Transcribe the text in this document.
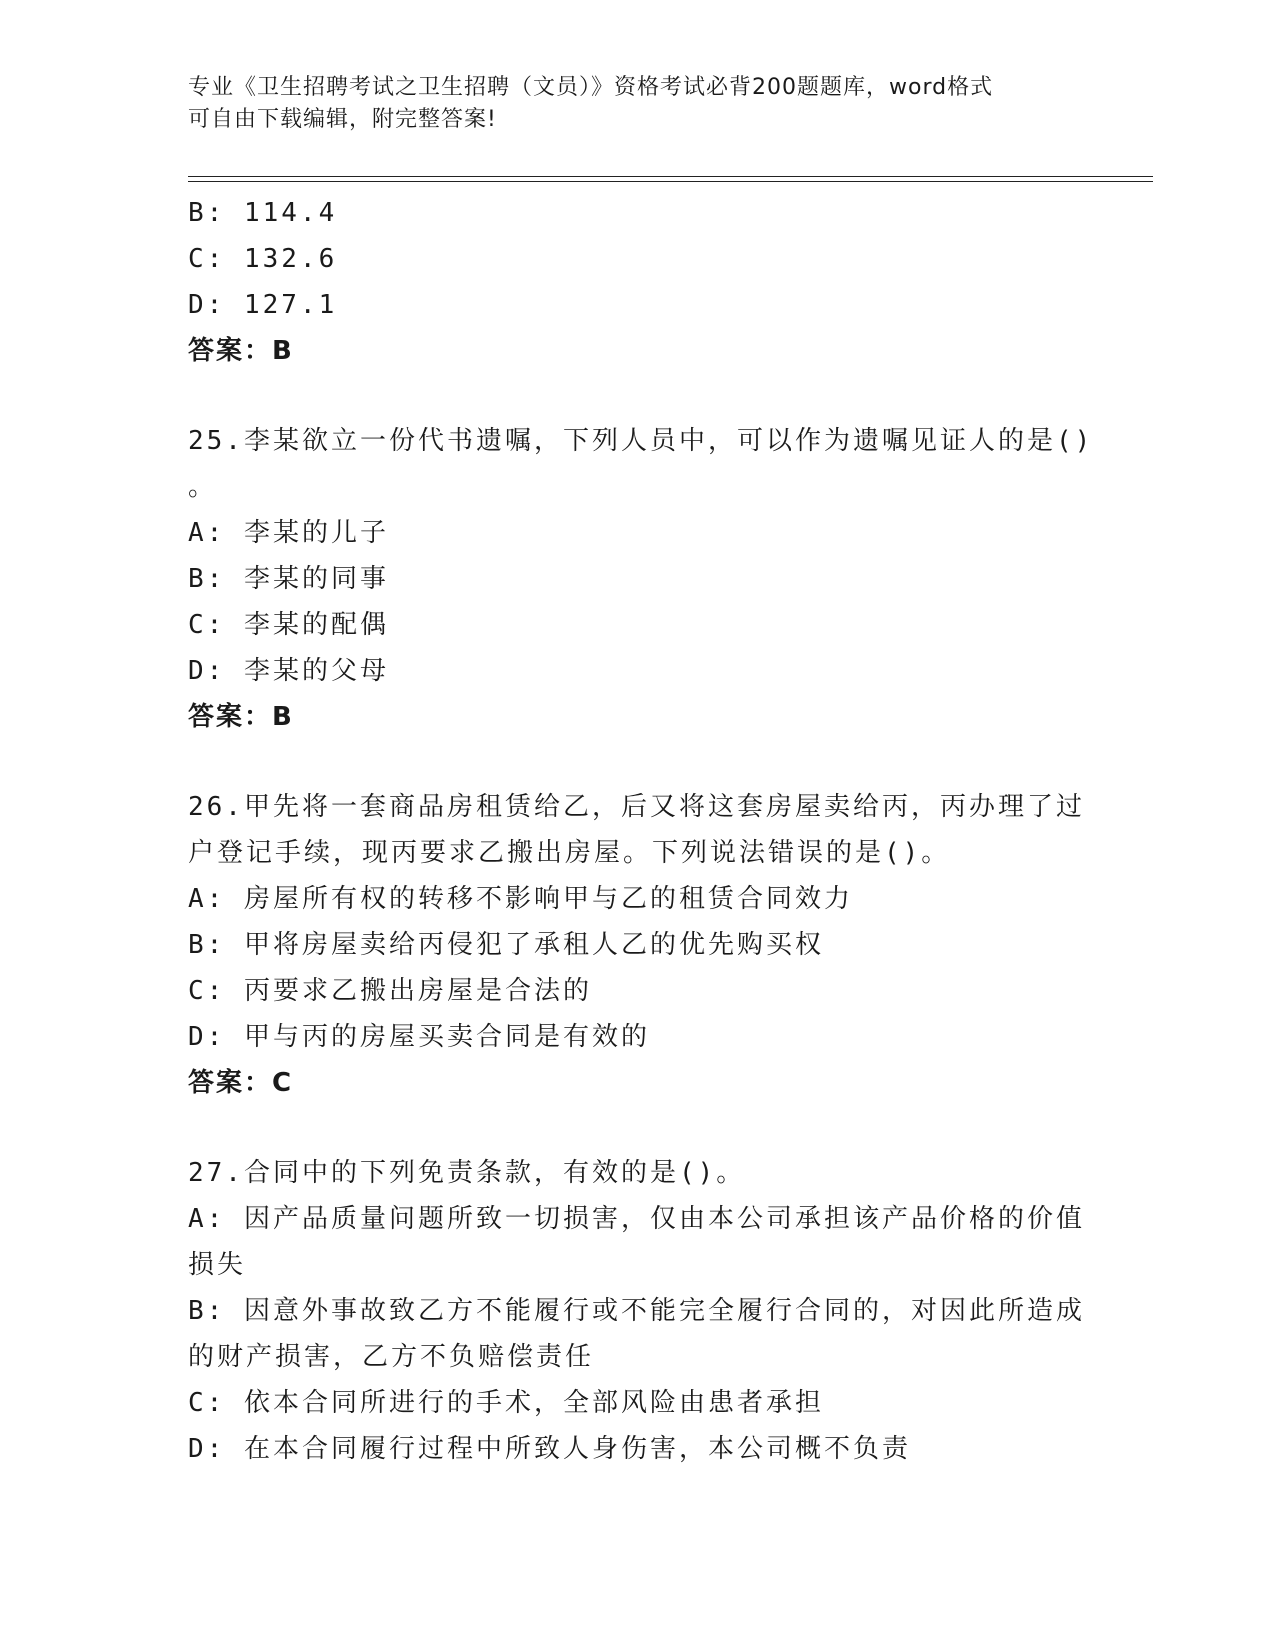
专业《卫生招聘考试之卫生招聘（文员）》资格考试必背200题题库，word格式
可自由下载编辑，附完整答案!
B: 114.4
C: 132.6
D: 127.1
答案：B
25.李某欲立一份代书遗嘱，下列人员中，可以作为遗嘱见证人的是()
。
A: 李某的儿子
B: 李某的同事
C: 李某的配偶
D: 李某的父母
答案：B
26.甲先将一套商品房租赁给乙，后又将这套房屋卖给丙，丙办理了过
户登记手续，现丙要求乙搬出房屋。下列说法错误的是()。
A: 房屋所有权的转移不影响甲与乙的租赁合同效力
B: 甲将房屋卖给丙侵犯了承租人乙的优先购买权
C: 丙要求乙搬出房屋是合法的
D: 甲与丙的房屋买卖合同是有效的
答案：C
27.合同中的下列免责条款，有效的是()。
A: 因产品质量问题所致一切损害，仅由本公司承担该产品价格的价值
损失
B: 因意外事故致乙方不能履行或不能完全履行合同的，对因此所造成
的财产损害，乙方不负赔偿责任
C: 依本合同所进行的手术，全部风险由患者承担
D: 在本合同履行过程中所致人身伤害，本公司概不负责
